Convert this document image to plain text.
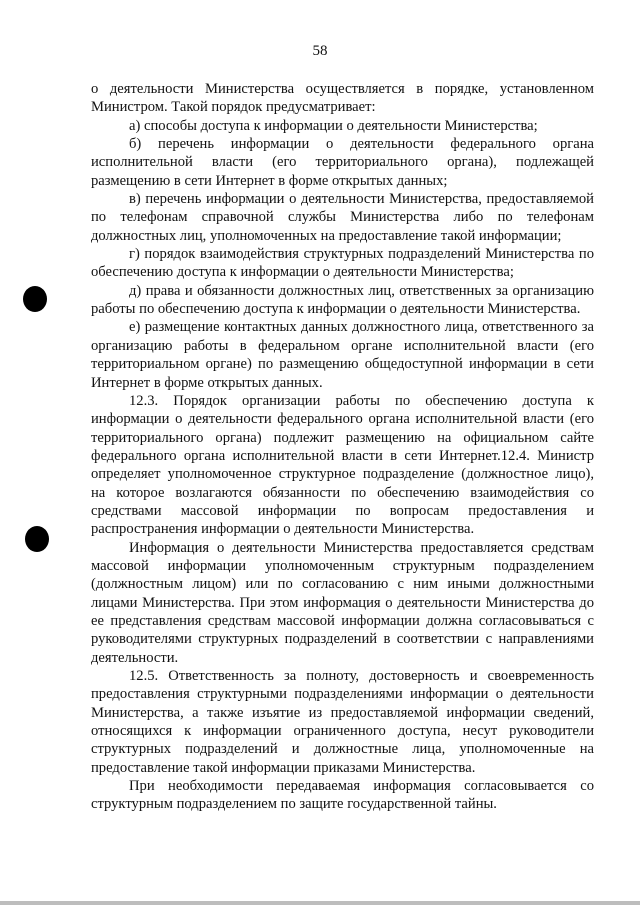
58

о деятельности Министерства осуществляется в порядке, установленном Министром. Такой порядок предусматривает:

а) способы доступа к информации о деятельности Министерства;

б) перечень информации о деятельности федерального органа исполнительной власти (его территориального органа), подлежащей размещению в сети Интернет в форме открытых данных;

в) перечень информации о деятельности Министерства, предоставляемой по телефонам справочной службы Министерства либо по телефонам должностных лиц, уполномоченных на предоставление такой информации;

г) порядок взаимодействия структурных подразделений Министерства по обеспечению доступа к информации о деятельности Министерства;

д) права и обязанности должностных лиц, ответственных за организацию работы по обеспечению доступа к информации о деятельности Министерства.

е) размещение контактных данных должностного лица, ответственного за организацию работы в федеральном органе исполнительной власти (его территориальном органе) по размещению общедоступной информации в сети Интернет в форме открытых данных.

12.3. Порядок организации работы по обеспечению доступа к информации о деятельности федерального органа исполнительной власти (его территориального органа) подлежит размещению на официальном сайте федерального органа исполнительной власти в сети Интернет.12.4. Министр определяет уполномоченное структурное подразделение (должностное лицо), на которое возлагаются обязанности по обеспечению взаимодействия со средствами массовой информации по вопросам предоставления и распространения информации о деятельности Министерства.

Информация о деятельности Министерства предоставляется средствам массовой информации уполномоченным структурным подразделением (должностным лицом) или по согласованию с ним иными должностными лицами Министерства. При этом информация о деятельности Министерства до ее представления средствам массовой информации должна согласовываться с руководителями структурных подразделений в соответствии с направлениями деятельности.

12.5. Ответственность за полноту, достоверность и своевременность предоставления структурными подразделениями информации о деятельности Министерства, а также изъятие из предоставляемой информации сведений, относящихся к информации ограниченного доступа, несут руководители структурных подразделений и должностные лица, уполномоченные на предоставление такой информации приказами Министерства.

При необходимости передаваемая информация согласовывается со структурным подразделением по защите государственной тайны.
